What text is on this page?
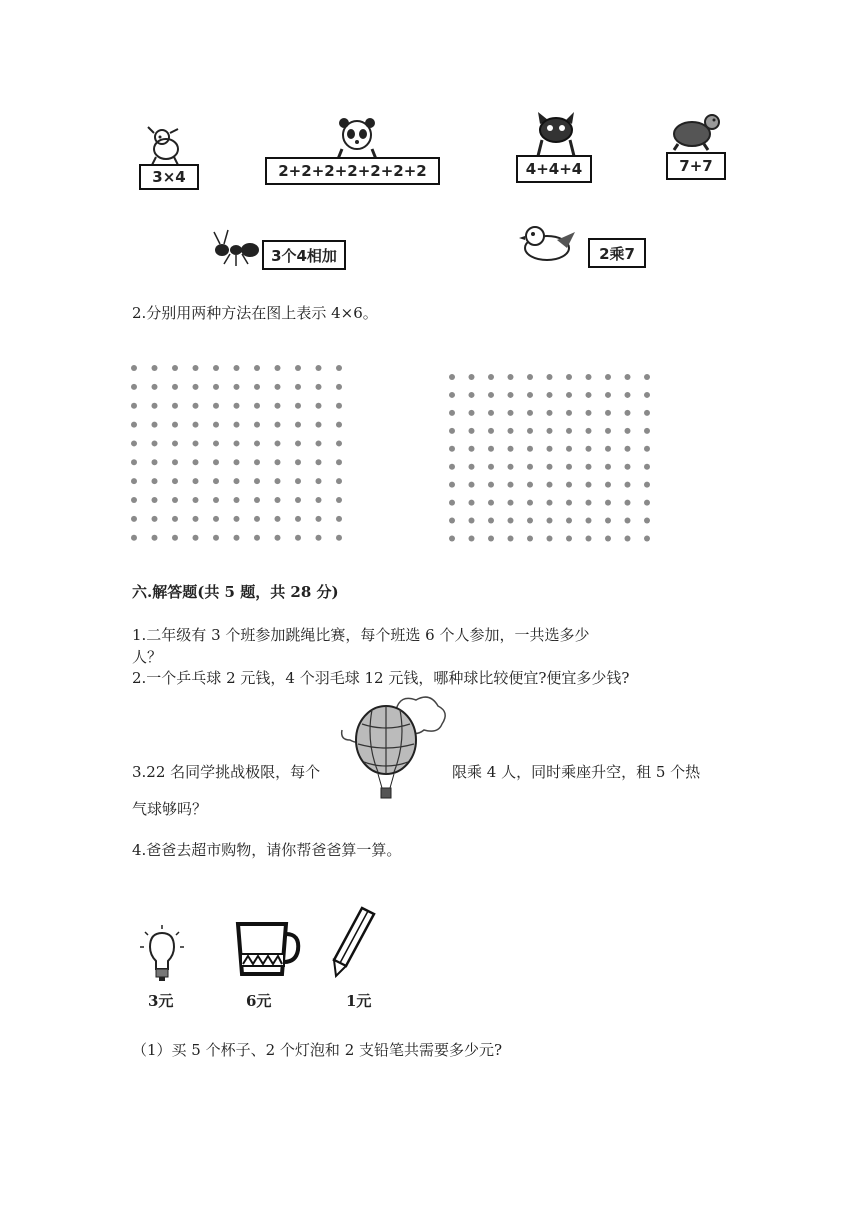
3×4	2+2+2+2+2+2+2	4+4+4	7+7
3个4相加	2乘7
2.分别用两种方法在图上表示 4×6。
六.解答题(共 5 题，共 28 分)
1.二年级有 3 个班参加跳绳比赛，每个班选 6 个人参加，一共选多少
人？
2.一个乒乓球 2 元钱，4 个羽毛球 12 元钱，哪种球比较便宜?便宜多少钱?
3.22 名同学挑战极限，每个	限乘 4 人，同时乘座升空，租 5 个热
气球够吗？
4.爸爸去超市购物，请你帮爸爸算一算。
3元	6元	1元
（1）买 5 个杯子、2 个灯泡和 2 支铅笔共需要多少元?
